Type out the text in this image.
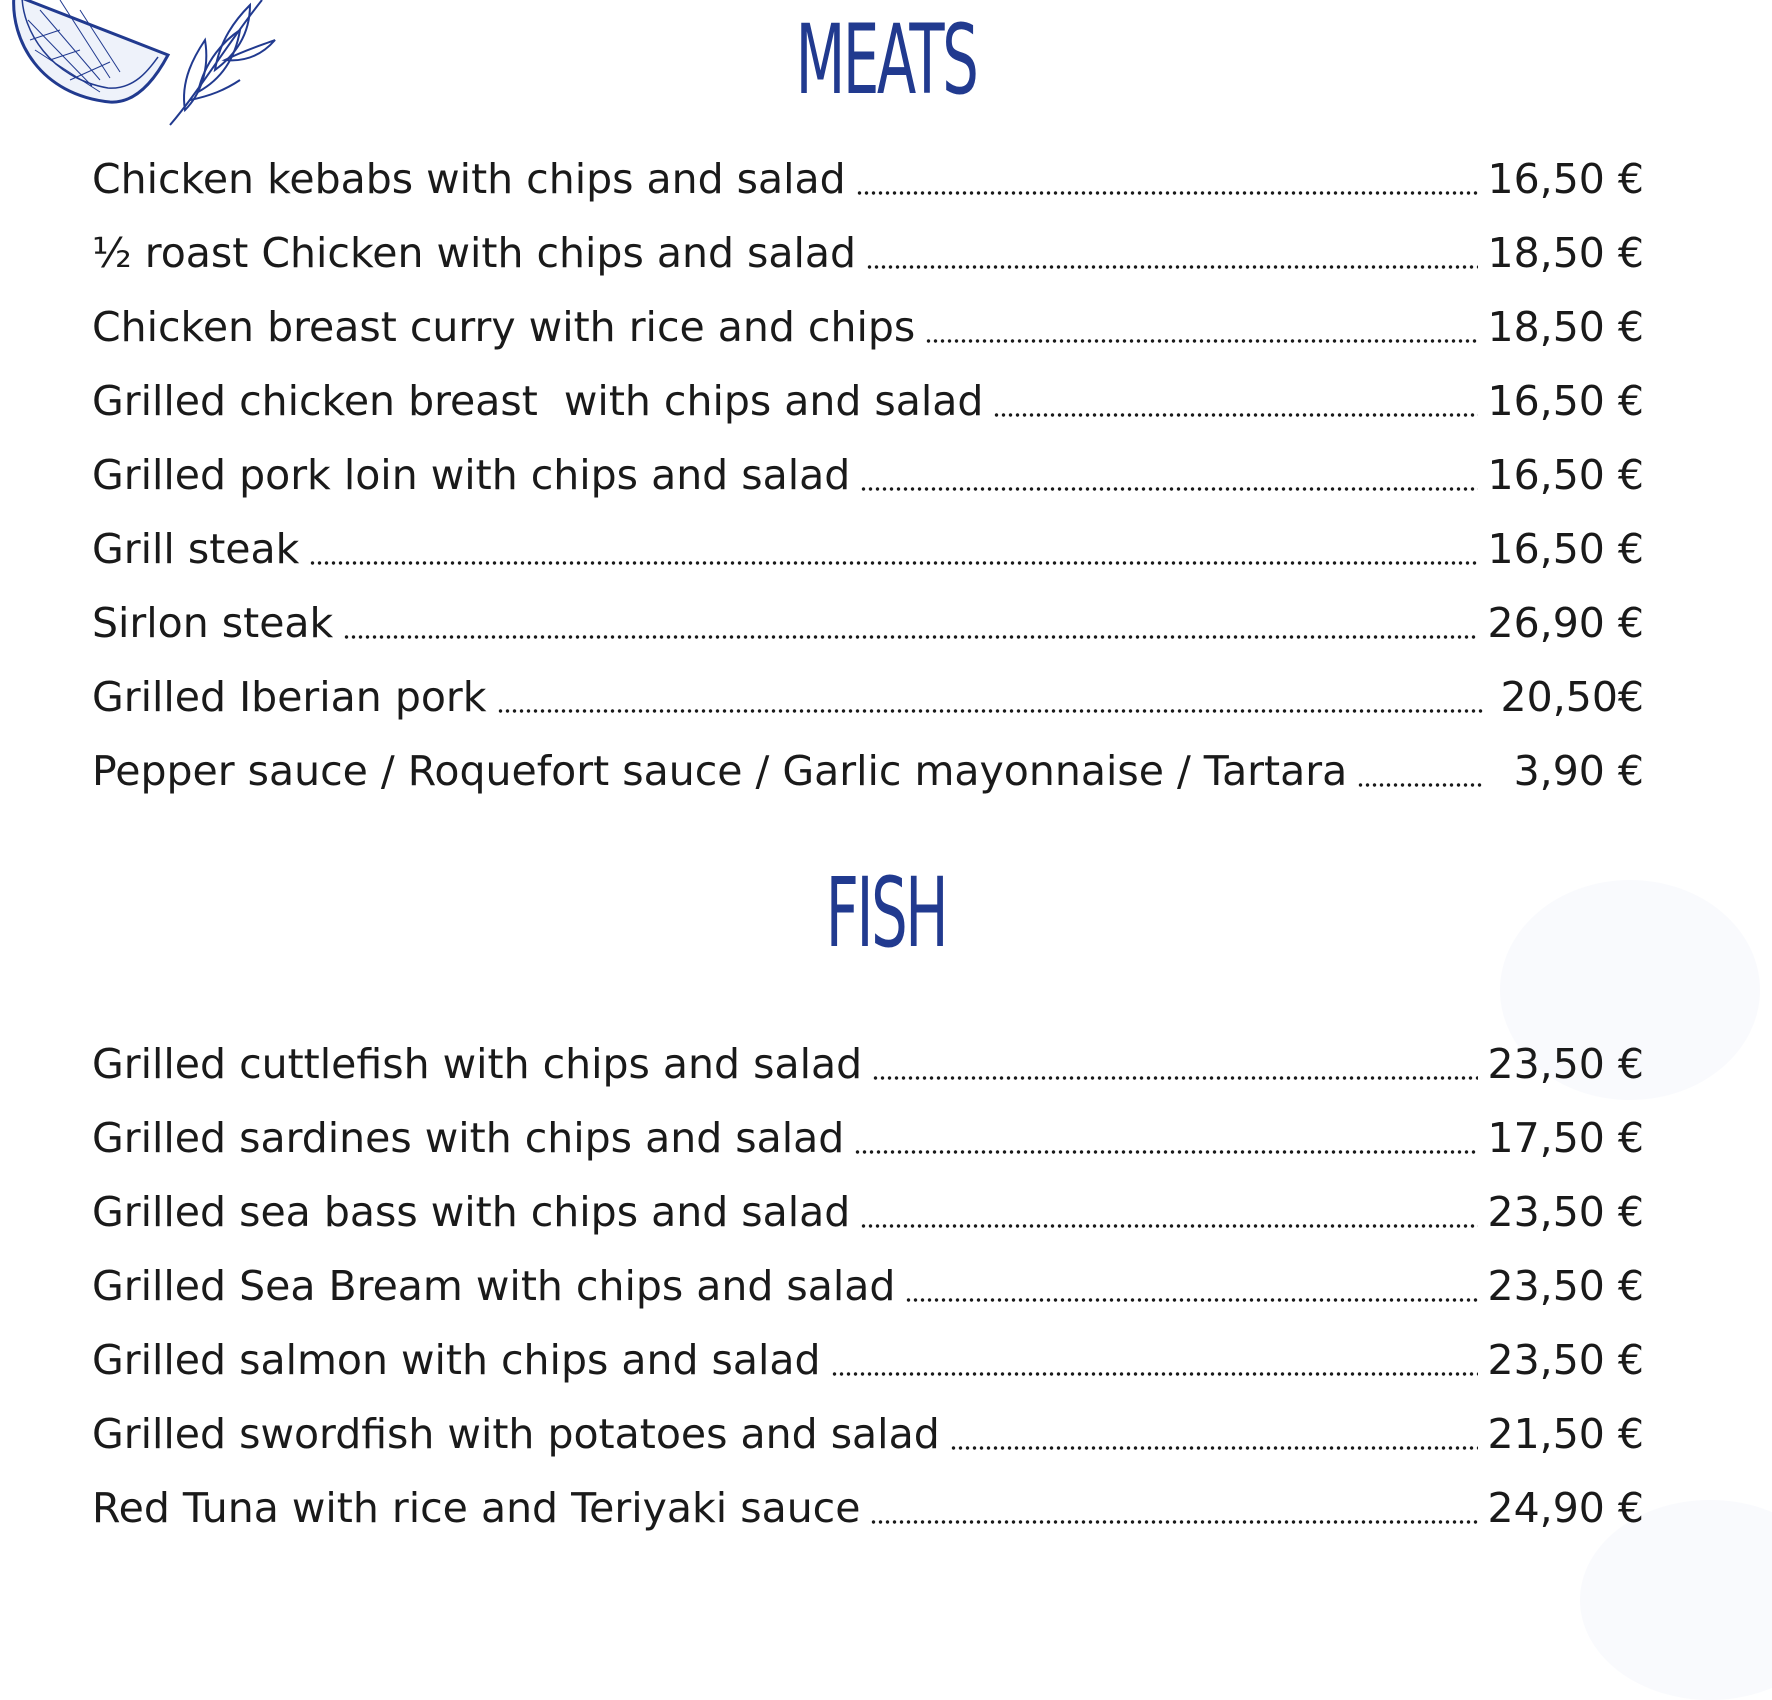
MEATS
Chicken kebabs with chips and salad	16,50 €
½ roast Chicken with chips and salad	18,50 €
Chicken breast curry with rice and chips	18,50 €
Grilled chicken breast  with chips and salad	16,50 €
Grilled pork loin with chips and salad	16,50 €
Grill steak	16,50 €
Sirlon steak	26,90 €
Grilled Iberian pork	20,50€
Pepper sauce / Roquefort sauce / Garlic mayonnaise / Tartara	3,90 €
FISH
Grilled cuttlefish with chips and salad	23,50 €
Grilled sardines with chips and salad	17,50 €
Grilled sea bass with chips and salad	23,50 €
Grilled Sea Bream with chips and salad	23,50 €
Grilled salmon with chips and salad	23,50 €
Grilled swordfish with potatoes and salad	21,50 €
Red Tuna with rice and Teriyaki sauce	24,90 €
